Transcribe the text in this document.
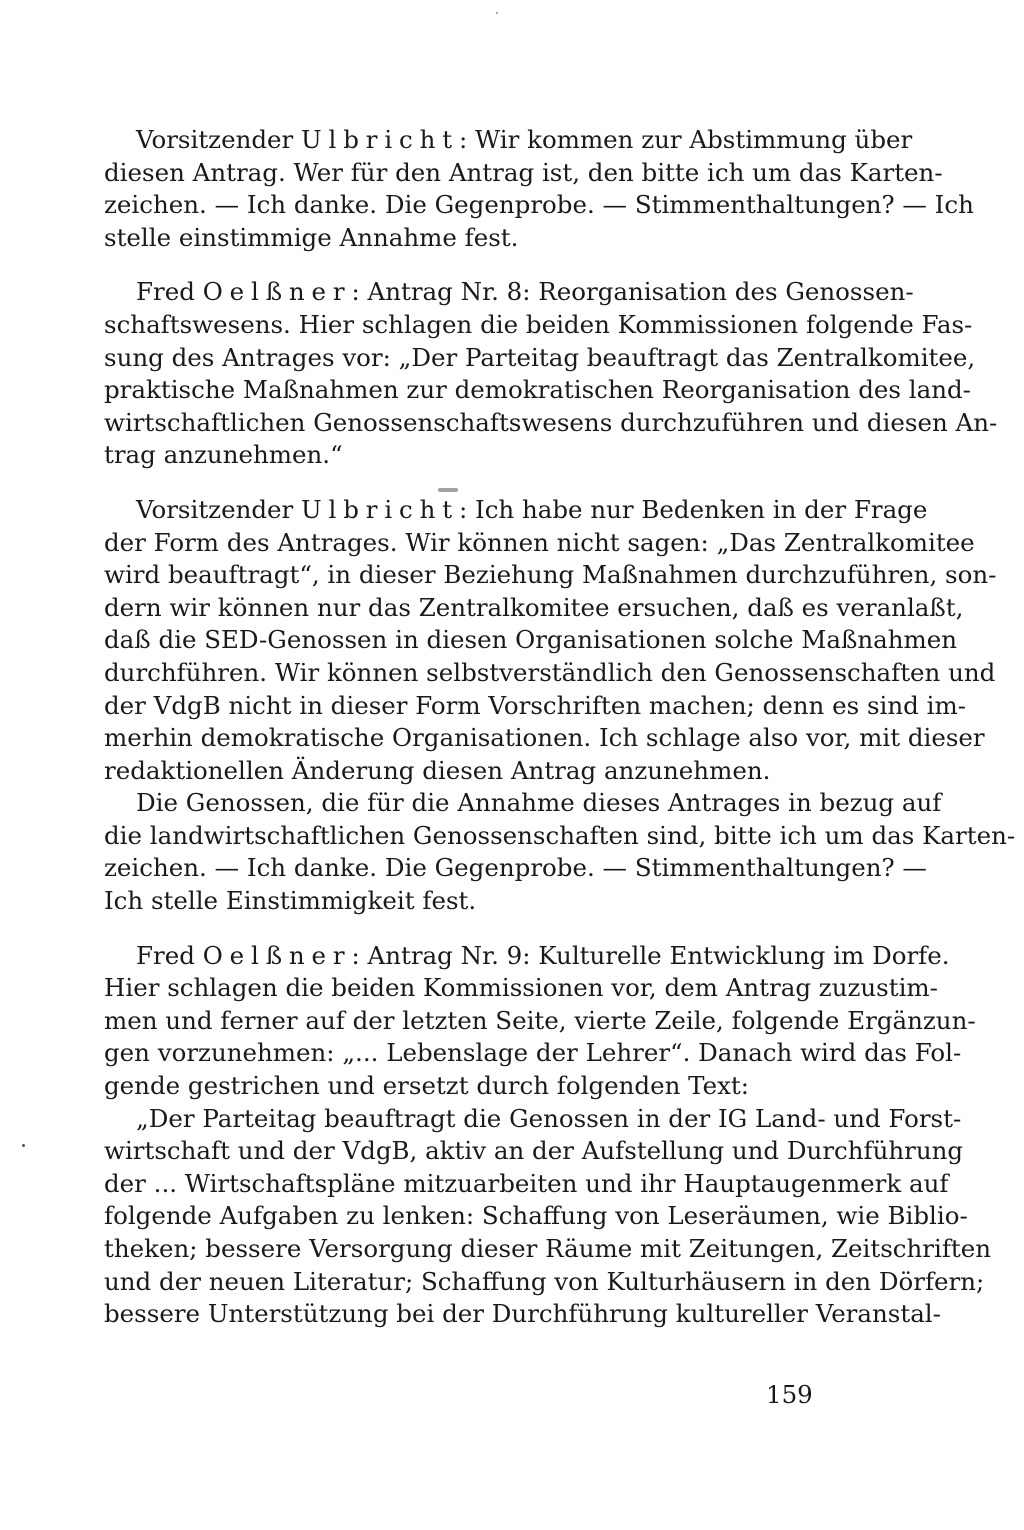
Vorsitzender Ulbricht: Wir kommen zur Abstimmung über
diesen Antrag. Wer für den Antrag ist, den bitte ich um das Karten-
zeichen. — Ich danke. Die Gegenprobe. — Stimmenthaltungen? — Ich
stelle einstimmige Annahme fest.
Fred Oelßner: Antrag Nr. 8: Reorganisation des Genossen-
schaftswesens. Hier schlagen die beiden Kommissionen folgende Fas-
sung des Antrages vor: „Der Parteitag beauftragt das Zentralkomitee,
praktische Maßnahmen zur demokratischen Reorganisation des land-
wirtschaftlichen Genossenschaftswesens durchzuführen und diesen An-
trag anzunehmen.“
Vorsitzender Ulbricht: Ich habe nur Bedenken in der Frage
der Form des Antrages. Wir können nicht sagen: „Das Zentralkomitee
wird beauftragt“, in dieser Beziehung Maßnahmen durchzuführen, son-
dern wir können nur das Zentralkomitee ersuchen, daß es veranlaßt,
daß die SED-Genossen in diesen Organisationen solche Maßnahmen
durchführen. Wir können selbstverständlich den Genossenschaften und
der VdgB nicht in dieser Form Vorschriften machen; denn es sind im-
merhin demokratische Organisationen. Ich schlage also vor, mit dieser
redaktionellen Änderung diesen Antrag anzunehmen.
Die Genossen, die für die Annahme dieses Antrages in bezug auf
die landwirtschaftlichen Genossenschaften sind, bitte ich um das Karten-
zeichen. — Ich danke. Die Gegenprobe. — Stimmenthaltungen? —
Ich stelle Einstimmigkeit fest.
Fred Oelßner: Antrag Nr. 9: Kulturelle Entwicklung im Dorfe.
Hier schlagen die beiden Kommissionen vor, dem Antrag zuzustim-
men und ferner auf der letzten Seite, vierte Zeile, folgende Ergänzun-
gen vorzunehmen: „... Lebenslage der Lehrer“. Danach wird das Fol-
gende gestrichen und ersetzt durch folgenden Text:
„Der Parteitag beauftragt die Genossen in der IG Land- und Forst-
wirtschaft und der VdgB, aktiv an der Aufstellung und Durchführung
der ... Wirtschaftspläne mitzuarbeiten und ihr Hauptaugenmerk auf
folgende Aufgaben zu lenken: Schaffung von Leseräumen, wie Biblio-
theken; bessere Versorgung dieser Räume mit Zeitungen, Zeitschriften
und der neuen Literatur; Schaffung von Kulturhäusern in den Dörfern;
bessere Unterstützung bei der Durchführung kultureller Veranstal-
159
